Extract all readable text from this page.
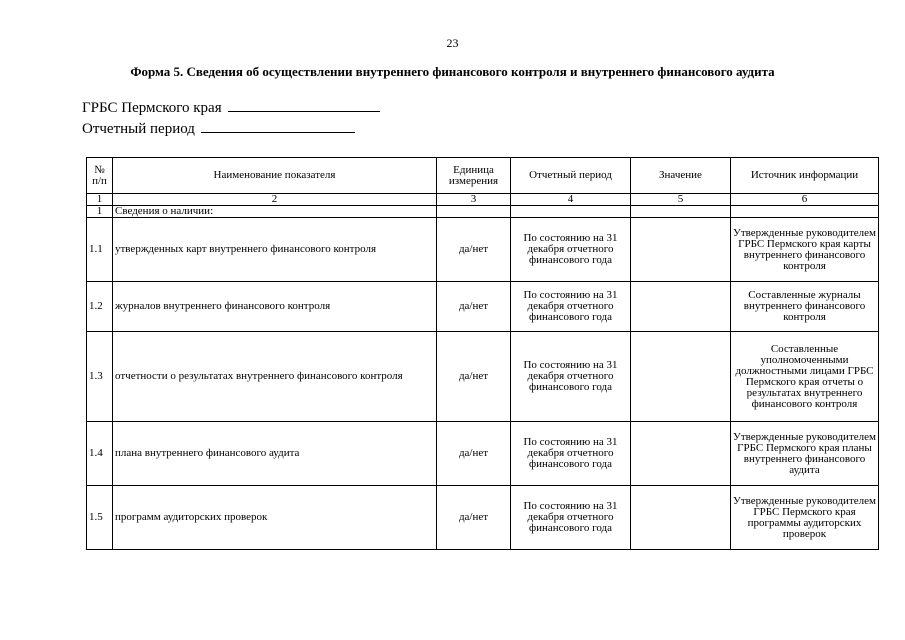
23
Форма 5. Сведения об осуществлении внутреннего финансового контроля и внутреннего финансового аудита
ГРБС Пермского края
Отчетный период
№ п/п	Наименование показателя	Единица измерения	Отчетный период	Значение	Источник информации
1	2	3	4	5	6
1	Сведения о наличии:				
1.1	утвержденных карт внутреннего финансового контроля	да/нет	По состоянию на 31 декабря отчетного финансового года		Утвержденные руководителем ГРБС Пермского края карты внутреннего финансового контроля
1.2	журналов внутреннего финансового контроля	да/нет	По состоянию на 31 декабря отчетного финансового года		Составленные журналы внутреннего финансового контроля
1.3	отчетности о результатах внутреннего финансового контроля	да/нет	По состоянию на 31 декабря отчетного финансового года		Составленные уполномоченными должностными лицами ГРБС Пермского края отчеты о результатах внутреннего финансового контроля
1.4	плана внутреннего финансового аудита	да/нет	По состоянию на 31 декабря отчетного финансового года		Утвержденные руководителем ГРБС Пермского края планы внутреннего финансового аудита
1.5	программ аудиторских проверок	да/нет	По состоянию на 31 декабря отчетного финансового года		Утвержденные руководителем ГРБС Пермского края программы аудиторских проверок
